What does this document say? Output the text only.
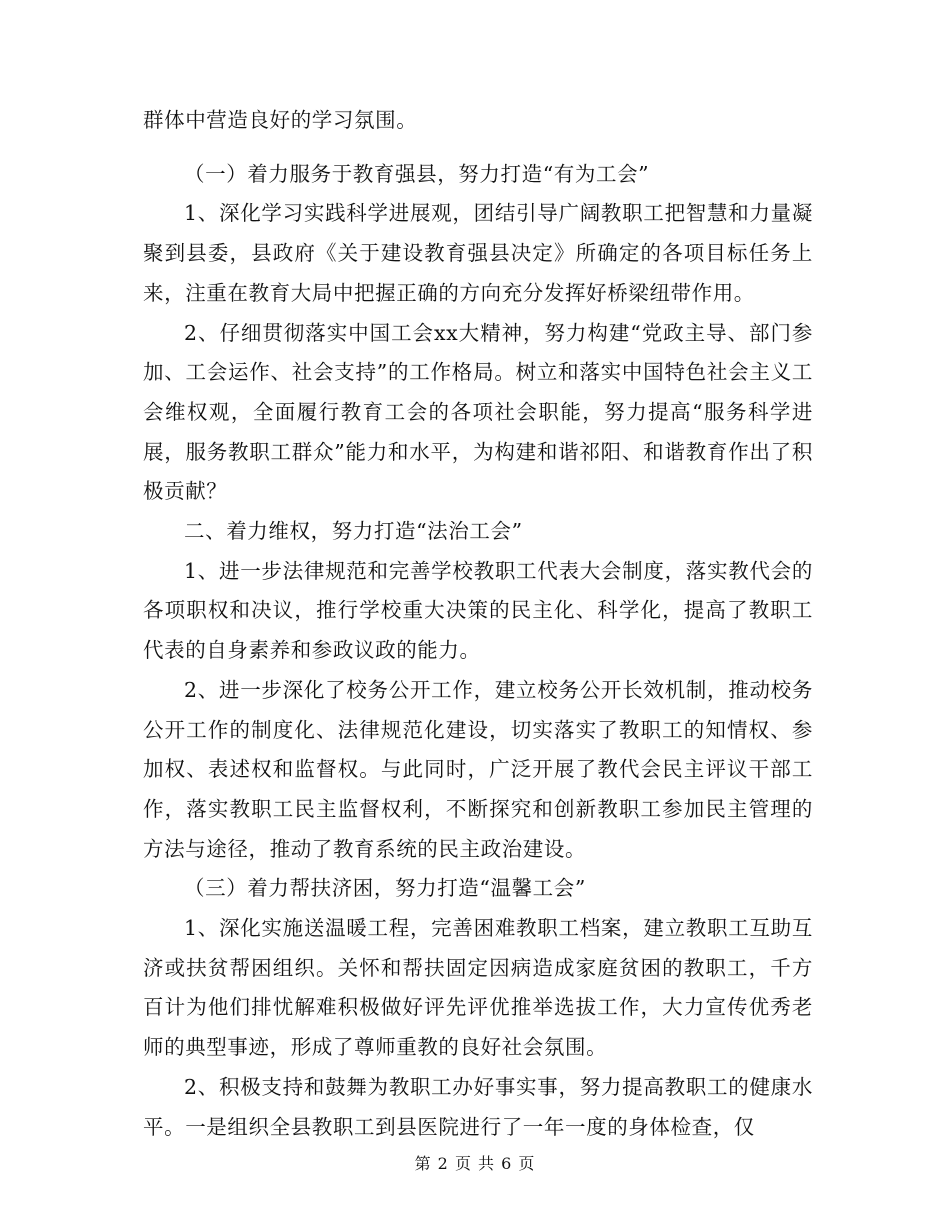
群体中营造良好的学习氛围。

（一）着力服务于教育强县，努力打造“有为工会”

1、深化学习实践科学进展观，团结引导广阔教职工把智慧和力量凝聚到县委，县政府《关于建设教育强县决定》所确定的各项目标任务上来，注重在教育大局中把握正确的方向充分发挥好桥梁纽带作用。

2、仔细贯彻落实中国工会xx大精神，努力构建“党政主导、部门参加、工会运作、社会支持”的工作格局。树立和落实中国特色社会主义工会维权观，全面履行教育工会的各项社会职能，努力提高“服务科学进展，服务教职工群众”能力和水平，为构建和谐祁阳、和谐教育作出了积极贡献？

二、着力维权，努力打造“法治工会”

1、进一步法律规范和完善学校教职工代表大会制度，落实教代会的各项职权和决议，推行学校重大决策的民主化、科学化，提高了教职工代表的自身素养和参政议政的能力。

2、进一步深化了校务公开工作，建立校务公开长效机制，推动校务公开工作的制度化、法律规范化建设，切实落实了教职工的知情权、参加权、表述权和监督权。与此同时，广泛开展了教代会民主评议干部工作，落实教职工民主监督权利，不断探究和创新教职工参加民主管理的方法与途径，推动了教育系统的民主政治建设。

（三）着力帮扶济困，努力打造“温馨工会”

1、深化实施送温暖工程，完善困难教职工档案，建立教职工互助互济或扶贫帮困组织。关怀和帮扶固定因病造成家庭贫困的教职工，千方百计为他们排忧解难积极做好评先评优推举选拔工作，大力宣传优秀老师的典型事迹，形成了尊师重教的良好社会氛围。

2、积极支持和鼓舞为教职工办好事实事，努力提高教职工的健康水平。一是组织全县教职工到县医院进行了一年一度的身体检查，仅

第 2 页 共 6 页
